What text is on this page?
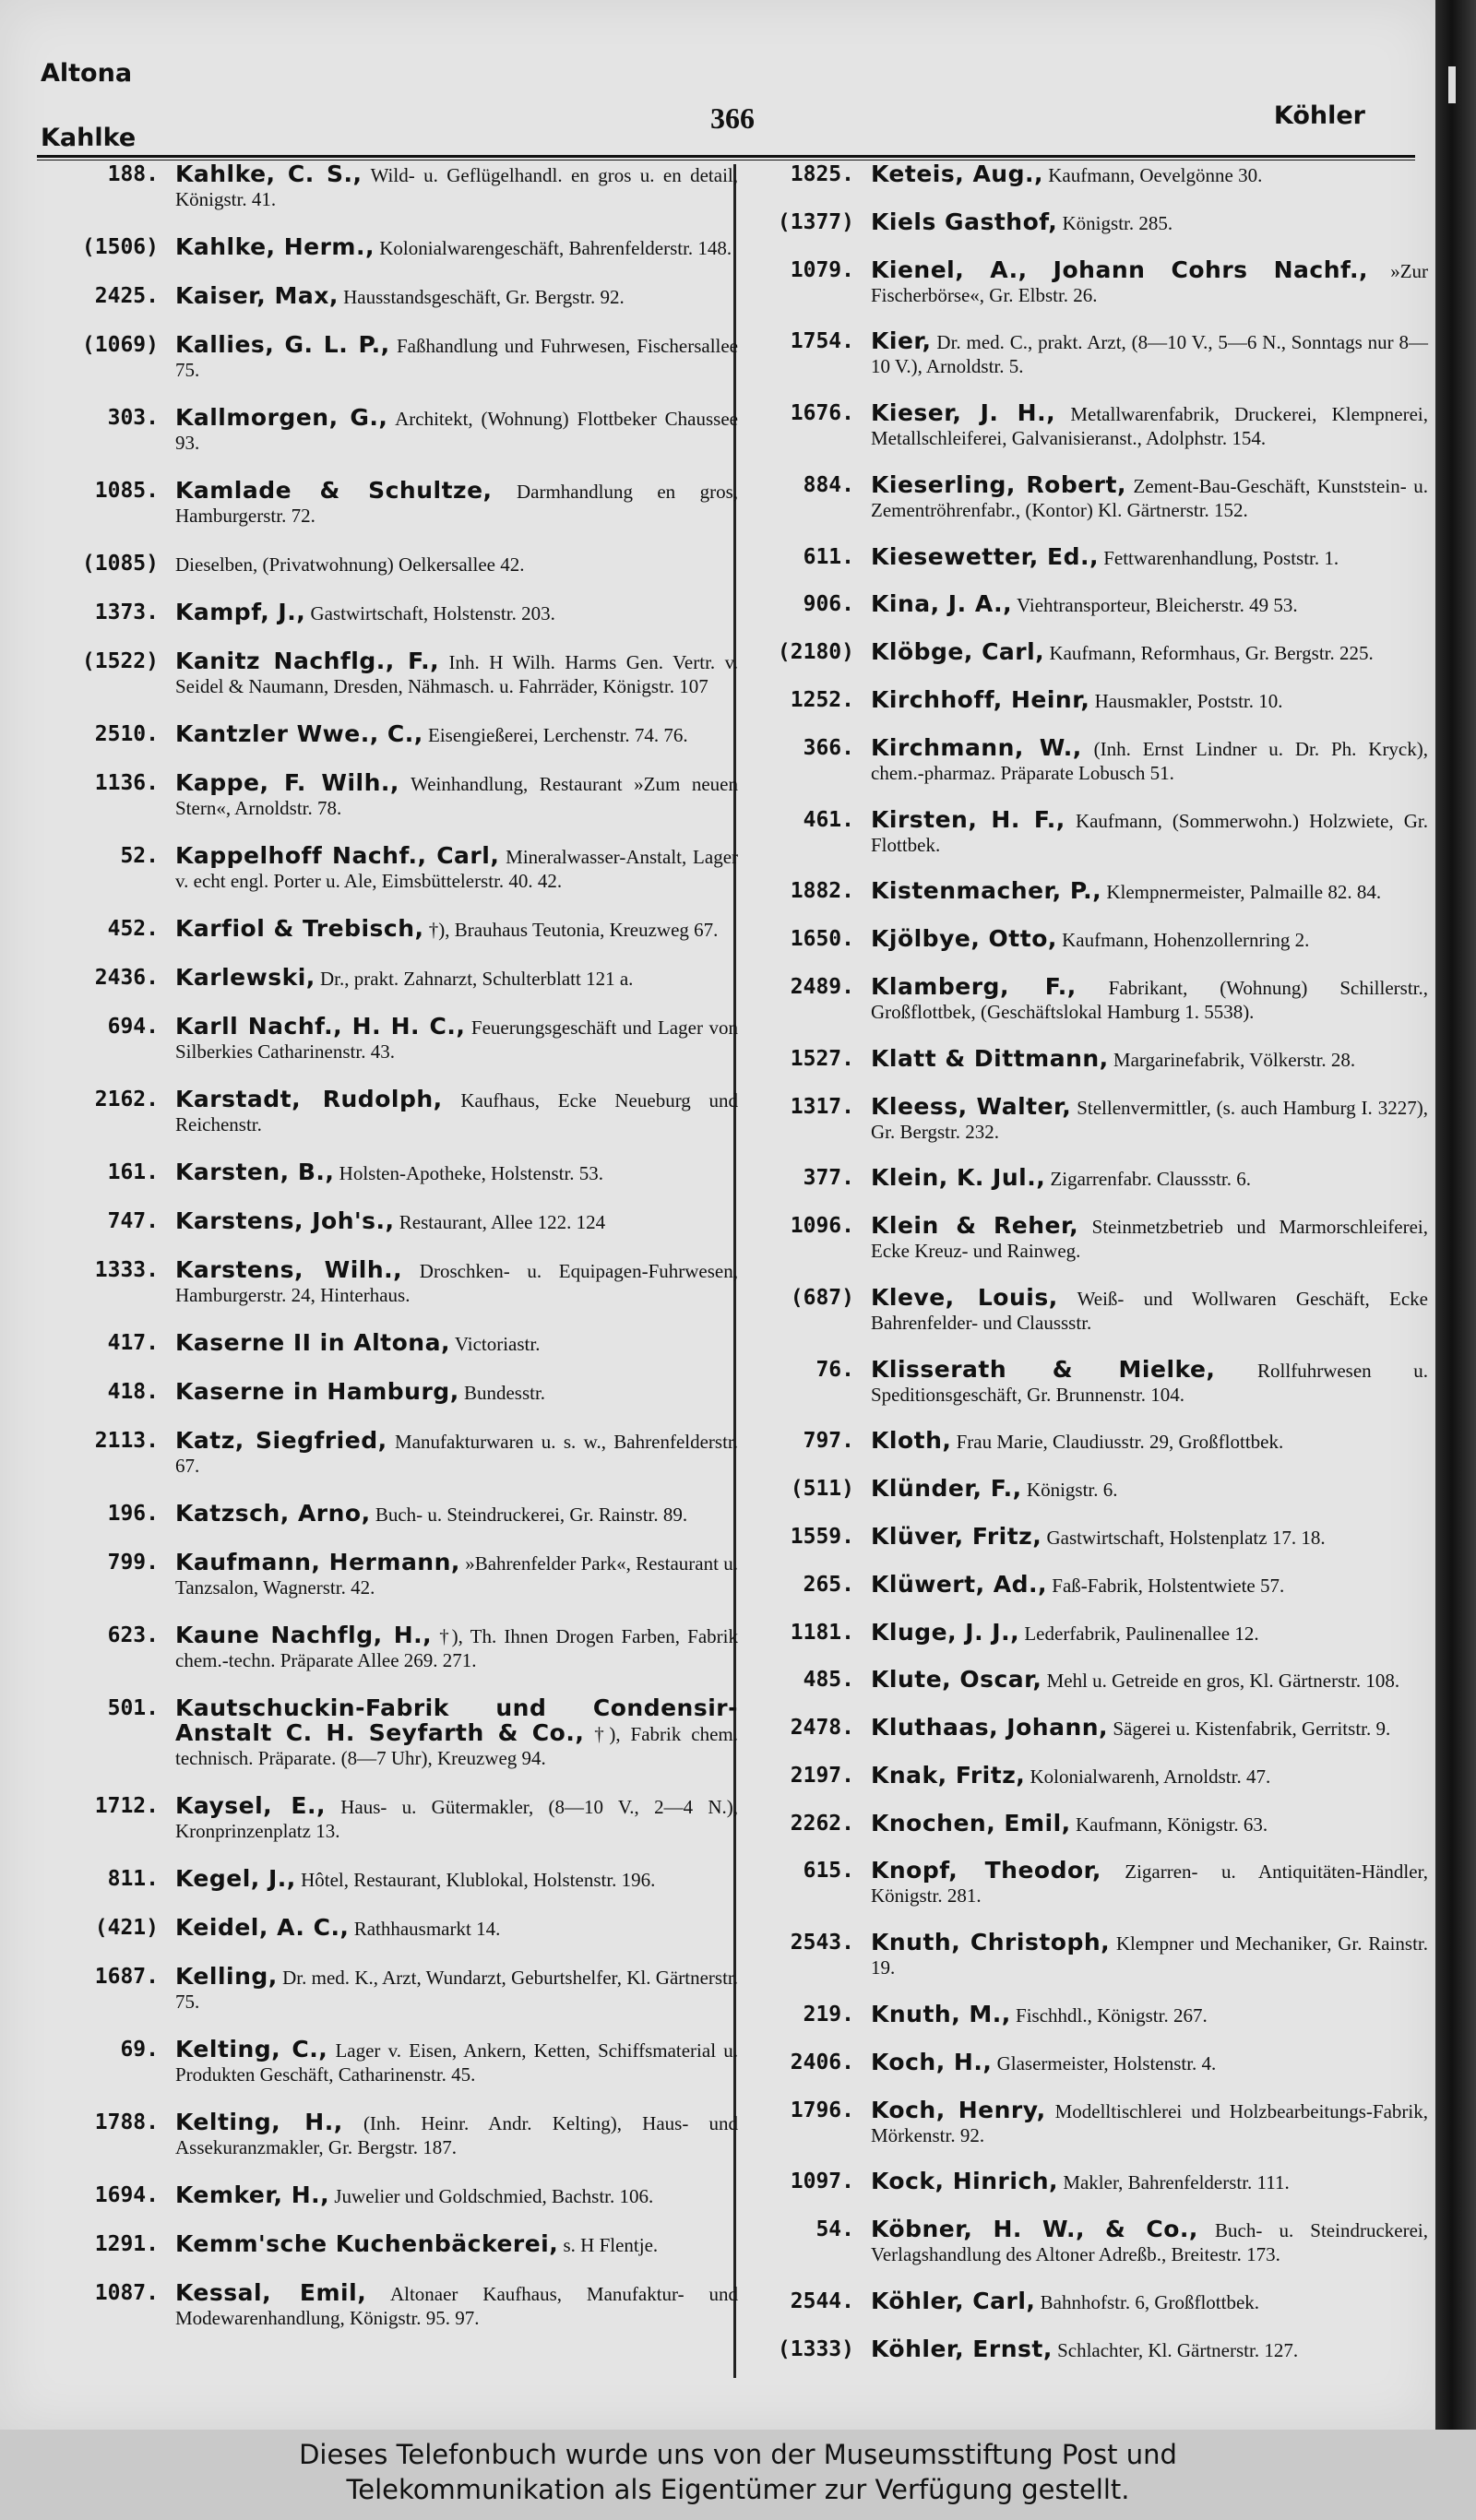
Altona
Kahlke
366	Köhler
188. Kahlke, C. S., Wild- u. Geflügelhandl. en gros u. en detail, Königstr. 41.
(1506) Kahlke, Herm., Kolonialwarengeschäft, Bahrenfelderstr. 148.
2425. Kaiser, Max, Hausstandsgeschäft, Gr. Bergstr. 92.
(1069) Kallies, G. L. P., Faßhandlung und Fuhrwesen, Fischersallee 75.
303. Kallmorgen, G., Architekt, (Wohnung) Flottbeker Chaussee 93.
1085. Kamlade & Schultze, Darmhandlung en gros, Hamburgerstr. 72.
(1085) Dieselben, (Privatwohnung) Oelkersallee 42.
1373. Kampf, J., Gastwirtschaft, Holstenstr. 203.
(1522) Kanitz Nachflg., F., Inh. H Wilh. Harms Gen. Vertr. v. Seidel & Naumann, Dresden, Nähmasch. u. Fahrräder, Königstr. 107
2510. Kantzler Wwe., C., Eisengießerei, Lerchenstr. 74. 76.
1136. Kappe, F. Wilh., Weinhandlung, Restaurant »Zum neuen Stern«, Arnoldstr. 78.
52. Kappelhoff Nachf., Carl, Mineralwasser-Anstalt, Lager v. echt engl. Porter u. Ale, Eimsbüttelerstr. 40. 42.
452. Karfiol & Trebisch, †), Brauhaus Teutonia, Kreuzweg 67.
2436. Karlewski, Dr., prakt. Zahnarzt, Schulterblatt 121 a.
694. Karll Nachf., H. H. C., Feuerungsgeschäft und Lager von Silberkies Catharinenstr. 43.
2162. Karstadt, Rudolph, Kaufhaus, Ecke Neueburg und Reichenstr.
161. Karsten, B., Holsten-Apotheke, Holstenstr. 53.
747. Karstens, Joh's., Restaurant, Allee 122. 124
1333. Karstens, Wilh., Droschken- u. Equipagen-Fuhrwesen, Hamburgerstr. 24, Hinterhaus.
417. Kaserne II in Altona, Victoriastr.
418. Kaserne in Hamburg, Bundesstr.
2113. Katz, Siegfried, Manufakturwaren u. s. w., Bahrenfelderstr. 67.
196. Katzsch, Arno, Buch- u. Steindruckerei, Gr. Rainstr. 89.
799. Kaufmann, Hermann, »Bahrenfelder Park«, Restaurant u. Tanzsalon, Wagnerstr. 42.
623. Kaune Nachflg, H., †), Th. Ihnen Drogen Farben, Fabrik chem.-techn. Präparate Allee 269. 271.
501. Kautschuckin-Fabrik und Condensir-Anstalt C. H. Seyfarth & Co., †), Fabrik chem. technisch. Präparate. (8—7 Uhr), Kreuzweg 94.
1712. Kaysel, E., Haus- u. Gütermakler, (8—10 V., 2—4 N.), Kronprinzenplatz 13.
811. Kegel, J., Hôtel, Restaurant, Klublokal, Holstenstr. 196.
(421) Keidel, A. C., Rathhausmarkt 14.
1687. Kelling, Dr. med. K., Arzt, Wundarzt, Geburtshelfer, Kl. Gärtnerstr. 75.
69. Kelting, C., Lager v. Eisen, Ankern, Ketten, Schiffsmaterial u. Produkten Geschäft, Catharinenstr. 45.
1788. Kelting, H., (Inh. Heinr. Andr. Kelting), Haus- und Assekuranzmakler, Gr. Bergstr. 187.
1694. Kemker, H., Juwelier und Goldschmied, Bachstr. 106.
1291. Kemm'sche Kuchenbäckerei, s. H Flentje.
1087. Kessal, Emil, Altonaer Kaufhaus, Manufaktur- und Modewarenhandlung, Königstr. 95. 97.
1825. Keteis, Aug., Kaufmann, Oevelgönne 30.
(1377) Kiels Gasthof, Königstr. 285.
1079. Kienel, A., Johann Cohrs Nachf., »Zur Fischerbörse«, Gr. Elbstr. 26.
1754. Kier, Dr. med. C., prakt. Arzt, (8—10 V., 5—6 N., Sonntags nur 8—10 V.), Arnoldstr. 5.
1676. Kieser, J. H., Metallwarenfabrik, Druckerei, Klempnerei, Metallschleiferei, Galvanisieranst., Adolphstr. 154.
884. Kieserling, Robert, Zement-Bau-Geschäft, Kunststein- u. Zementröhrenfabr., (Kontor) Kl. Gärtnerstr. 152.
611. Kiesewetter, Ed., Fettwarenhandlung, Poststr. 1.
906. Kina, J. A., Viehtransporteur, Bleicherstr. 49 53.
(2180) Klöbge, Carl, Kaufmann, Reformhaus, Gr. Bergstr. 225.
1252. Kirchhoff, Heinr, Hausmakler, Poststr. 10.
366. Kirchmann, W., (Inh. Ernst Lindner u. Dr. Ph. Kryck), chem.-pharmaz. Präparate Lobusch 51.
461. Kirsten, H. F., Kaufmann, (Sommerwohn.) Holzwiete, Gr. Flottbek.
1882. Kistenmacher, P., Klempnermeister, Palmaille 82. 84.
1650. Kjölbye, Otto, Kaufmann, Hohenzollernring 2.
2489. Klamberg, F., Fabrikant, (Wohnung) Schillerstr., Großflottbek, (Geschäftslokal Hamburg 1. 5538).
1527. Klatt & Dittmann, Margarinefabrik, Völkerstr. 28.
1317. Kleess, Walter, Stellenvermittler, (s. auch Hamburg I. 3227), Gr. Bergstr. 232.
377. Klein, K. Jul., Zigarrenfabr. Claussstr. 6.
1096. Klein & Reher, Steinmetzbetrieb und Marmorschleiferei, Ecke Kreuz- und Rainweg.
(687) Kleve, Louis, Weiß- und Wollwaren Geschäft, Ecke Bahrenfelder- und Claussstr.
76. Klisserath & Mielke, Rollfuhrwesen u. Speditionsgeschäft, Gr. Brunnenstr. 104.
797. Kloth, Frau Marie, Claudiusstr. 29, Großflottbek.
(511) Klünder, F., Königstr. 6.
1559. Klüver, Fritz, Gastwirtschaft, Holstenplatz 17. 18.
265. Klüwert, Ad., Faß-Fabrik, Holstentwiete 57.
1181. Kluge, J. J., Lederfabrik, Paulinenallee 12.
485. Klute, Oscar, Mehl u. Getreide en gros, Kl. Gärtnerstr. 108.
2478. Kluthaas, Johann, Sägerei u. Kistenfabrik, Gerritstr. 9.
2197. Knak, Fritz, Kolonialwarenh, Arnoldstr. 47.
2262. Knochen, Emil, Kaufmann, Königstr. 63.
615. Knopf, Theodor, Zigarren- u. Antiquitäten-Händler, Königstr. 281.
2543. Knuth, Christoph, Klempner und Mechaniker, Gr. Rainstr. 19.
219. Knuth, M., Fischhdl., Königstr. 267.
2406. Koch, H., Glasermeister, Holstenstr. 4.
1796. Koch, Henry, Modelltischlerei und Holzbearbeitungs-Fabrik, Mörkenstr. 92.
1097. Kock, Hinrich, Makler, Bahrenfelderstr. 111.
54. Köbner, H. W., & Co., Buch- u. Steindruckerei, Verlagshandlung des Altoner Adreßb., Breitestr. 173.
2544. Köhler, Carl, Bahnhofstr. 6, Großflottbek.
(1333) Köhler, Ernst, Schlachter, Kl. Gärtnerstr. 127.
Dieses Telefonbuch wurde uns von der Museumsstiftung Post und
Telekommunikation als Eigentümer zur Verfügung gestellt.
